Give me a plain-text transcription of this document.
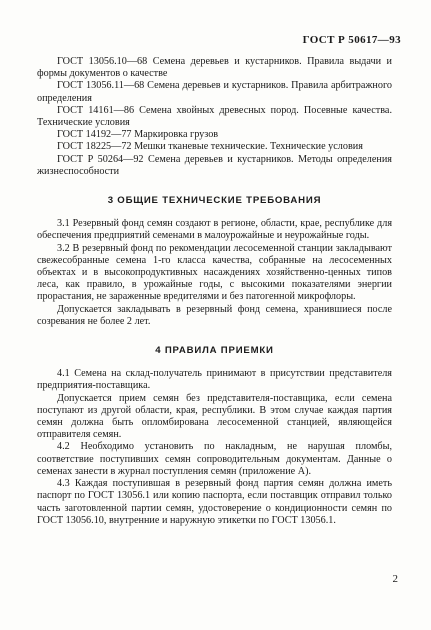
ГОСТ Р 50617—93

ГОСТ 13056.10—68 Семена деревьев и кустарников. Правила выдачи и формы документов о качестве

ГОСТ 13056.11—68 Семена деревьев и кустарников. Правила арбитражного определения

ГОСТ 14161—86 Семена хвойных древесных пород. Посевные качества. Технические условия

ГОСТ 14192—77 Маркировка грузов

ГОСТ 18225—72 Мешки тканевые технические. Технические условия

ГОСТ Р 50264—92 Семена деревьев и кустарников. Методы определения жизнеспособности

3 ОБЩИЕ ТЕХНИЧЕСКИЕ ТРЕБОВАНИЯ

3.1 Резервный фонд семян создают в регионе, области, крае, республике для обеспечения предприятий семенами в малоурожайные и неурожайные годы.

3.2 В резервный фонд по рекомендации лесосеменной станции закладывают свежесобранные семена 1-го класса качества, собранные на лесосеменных объектах и в высокопродуктивных насаждениях хозяйственно-ценных типов леса, как правило, в урожайные годы, с высокими показателями энергии прорастания, не зараженные вредителями и без патогенной микрофлоры.

Допускается закладывать в резервный фонд семена, хранившиеся после созревания не более 2 лет.

4 ПРАВИЛА ПРИЕМКИ

4.1 Семена на склад-получатель принимают в присутствии представителя предприятия-поставщика.

Допускается прием семян без представителя-поставщика, если семена поступают из другой области, края, республики. В этом случае каждая партия семян должна быть опломбирована лесосеменной станцией, являющейся отправителя семян.

4.2 Необходимо установить по накладным, не нарушая пломбы, соответствие поступивших семян сопроводительным документам. Данные о семенах занести в журнал поступления семян (приложение А).

4.3 Каждая поступившая в резервный фонд партия семян должна иметь паспорт по ГОСТ 13056.1 или копию паспорта, если поставщик отправил только часть заготовленной партии семян, удостоверение о кондиционности семян по ГОСТ 13056.10, внутренние и наружную этикетки по ГОСТ 13056.1.

2
